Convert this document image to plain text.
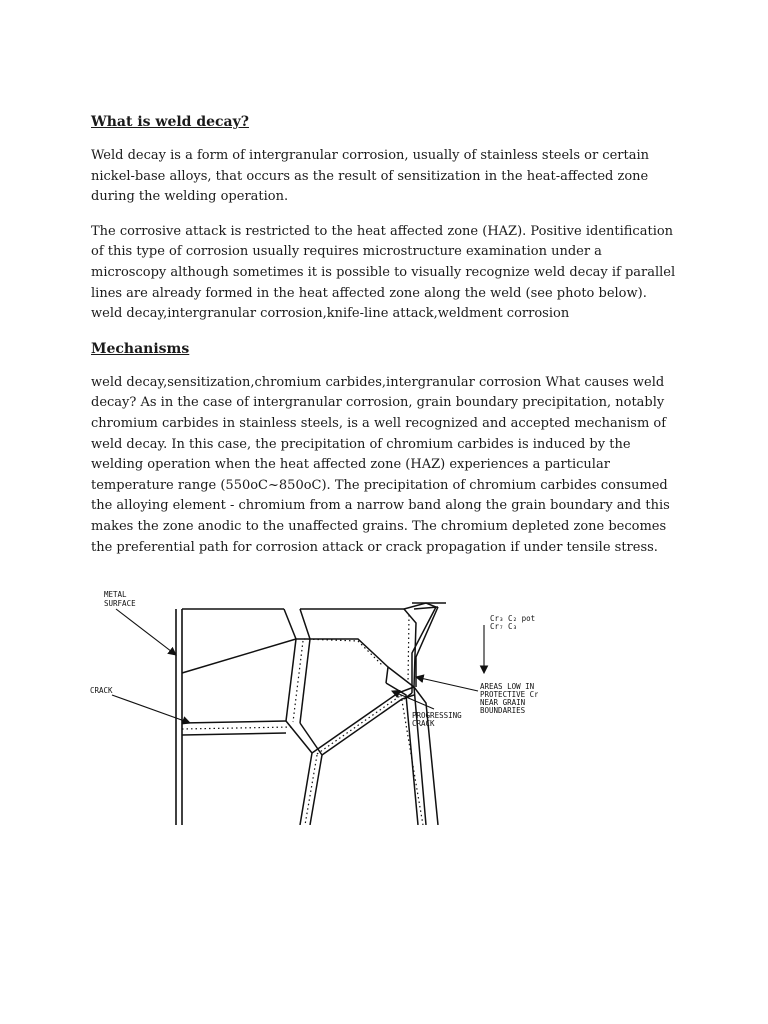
What is weld decay?

Weld decay is a form of intergranular corrosion, usually of stainless steels or certain nickel-base alloys, that occurs as the result of sensitization in the heat-affected zone during the welding operation.

The corrosive attack is restricted to the heat affected zone (HAZ). Positive identification of this type of corrosion usually requires microstructure examination under a microscopy although sometimes it is possible to visually recognize weld decay if parallel lines are already formed in the heat affected zone along the weld (see photo below).

weld decay,intergranular corrosion,knife-line attack,weldment corrosion

Mechanisms

weld decay,sensitization,chromium carbides,intergranular corrosion What causes weld decay? As in the case of intergranular corrosion, grain boundary precipitation, notably chromium carbides in stainless steels, is a well recognized and accepted mechanism of weld decay. In this case, the precipitation of chromium carbides is induced by the welding operation when the heat affected zone (HAZ) experiences a particular temperature range (550oC~850oC). The precipitation of chromium carbides consumed the alloying element - chromium from a narrow band along the grain boundary and this makes the zone anodic to the unaffected grains. The chromium depleted zone becomes the preferential path for corrosion attack or crack propagation if under tensile stress.

METAL
SURFACE
CRACK
PROGRESSING
CRACK
Cr₃ C₂ pot
Cr₇ C₃
AREAS LOW IN
PROTECTIVE Cr
NEAR GRAIN
BOUNDARIES
